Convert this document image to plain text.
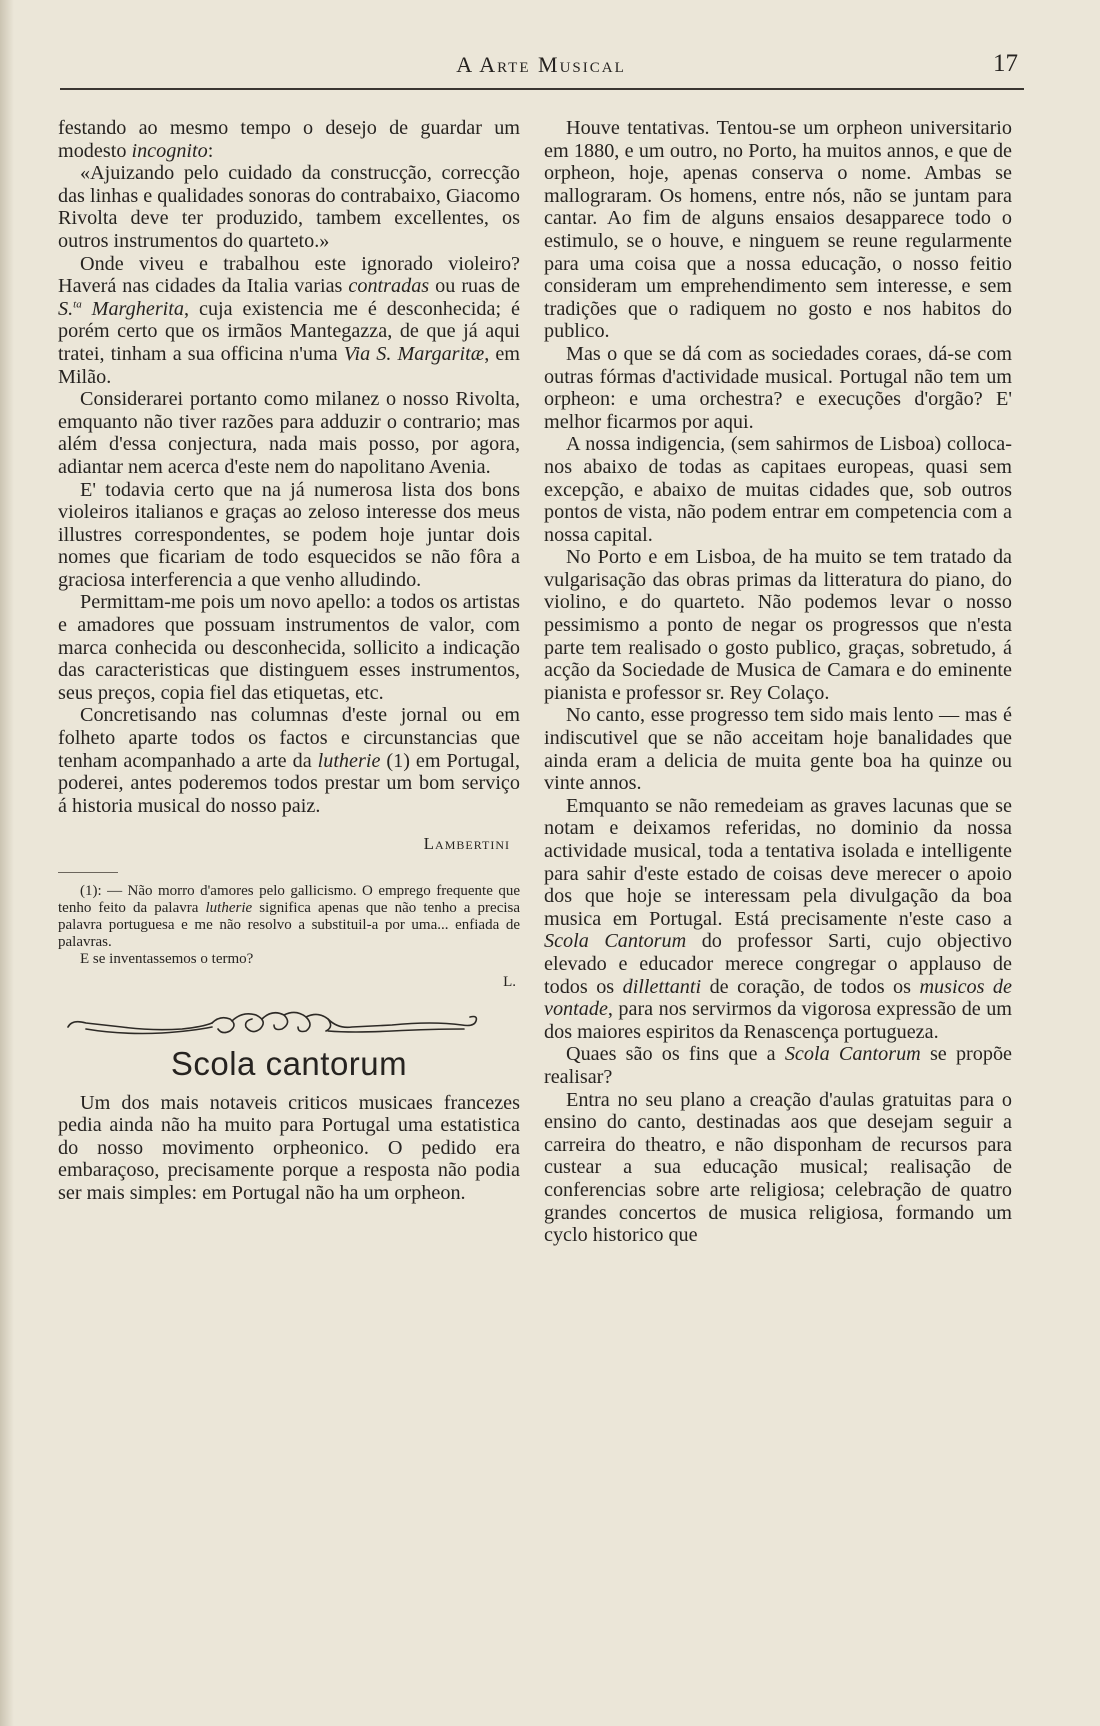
A Arte Musical	17

festando ao mesmo tempo o desejo de guardar um modesto incognito:

«Ajuizando pelo cuidado da construcção, correcção das linhas e qualidades sonoras do contrabaixo, Giacomo Rivolta deve ter produzido, tambem excellentes, os outros instrumentos do quarteto.»

Onde viveu e trabalhou este ignorado violeiro? Haverá nas cidades da Italia varias contradas ou ruas de S.$^{ta}$ Margherita, cuja existencia me é desconhecida; é porém certo que os irmãos Mantegazza, de que já aqui tratei, tinham a sua officina n'uma Via S. Margaritæ, em Milão.

Considerarei portanto como milanez o nosso Rivolta, emquanto não tiver razões para adduzir o contrario; mas além d'essa conjectura, nada mais posso, por agora, adiantar nem acerca d'este nem do napolitano Avenia.

E' todavia certo que na já numerosa lista dos bons violeiros italianos e graças ao zeloso interesse dos meus illustres correspondentes, se podem hoje juntar dois nomes que ficariam de todo esquecidos se não fôra a graciosa interferencia a que venho alludindo.

Permittam-me pois um novo apello: a todos os artistas e amadores que possuam instrumentos de valor, com marca conhecida ou desconhecida, sollicito a indicação das caracteristicas que distinguem esses instrumentos, seus preços, copia fiel das etiquetas, etc.

Concretisando nas columnas d'este jornal ou em folheto aparte todos os factos e circunstancias que tenham acompanhado a arte da lutherie (1) em Portugal, poderei, antes poderemos todos prestar um bom serviço á historia musical do nosso paiz.

Lambertini

(1): — Não morro d'amores pelo gallicismo. O emprego frequente que tenho feito da palavra lutherie significa apenas que não tenho a precisa palavra portuguesa e me não resolvo a substituil-a por uma... enfiada de palavras.

E se inventassemos o termo?

L.
Scola cantorum

Um dos mais notaveis criticos musicaes francezes pedia ainda não ha muito para Portugal uma estatistica do nosso movimento orpheonico. O pedido era embaraçoso, precisamente porque a resposta não podia ser mais simples: em Portugal não ha um orpheon.

Houve tentativas. Tentou-se um orpheon universitario em 1880, e um outro, no Porto, ha muitos annos, e que de orpheon, hoje, apenas conserva o nome. Ambas se mallograram. Os homens, entre nós, não se juntam para cantar. Ao fim de alguns ensaios desapparece todo o estimulo, se o houve, e ninguem se reune regularmente para uma coisa que a nossa educação, o nosso feitio consideram um emprehendimento sem interesse, e sem tradições que o radiquem no gosto e nos habitos do publico.

Mas o que se dá com as sociedades coraes, dá-se com outras fórmas d'actividade musical. Portugal não tem um orpheon: e uma orchestra? e execuções d'orgão? E' melhor ficarmos por aqui.

A nossa indigencia, (sem sahirmos de Lisboa) colloca-nos abaixo de todas as capitaes europeas, quasi sem excepção, e abaixo de muitas cidades que, sob outros pontos de vista, não podem entrar em competencia com a nossa capital.

No Porto e em Lisboa, de ha muito se tem tratado da vulgarisação das obras primas da litteratura do piano, do violino, e do quarteto. Não podemos levar o nosso pessimismo a ponto de negar os progressos que n'esta parte tem realisado o gosto publico, graças, sobretudo, á acção da Sociedade de Musica de Camara e do eminente pianista e professor sr. Rey Colaço.

No canto, esse progresso tem sido mais lento — mas é indiscutivel que se não acceitam hoje banalidades que ainda eram a delicia de muita gente boa ha quinze ou vinte annos.

Emquanto se não remedeiam as graves lacunas que se notam e deixamos referidas, no dominio da nossa actividade musical, toda a tentativa isolada e intelligente para sahir d'este estado de coisas deve merecer o apoio dos que hoje se interessam pela divulgação da boa musica em Portugal. Está precisamente n'este caso a Scola Cantorum do professor Sarti, cujo objectivo elevado e educador merece congregar o applauso de todos os dillettanti de coração, de todos os musicos de vontade, para nos servirmos da vigorosa expressão de um dos maiores espiritos da Renascença portugueza.

Quaes são os fins que a Scola Cantorum se propõe realisar?

Entra no seu plano a creação d'aulas gratuitas para o ensino do canto, destinadas aos que desejam seguir a carreira do theatro, e não disponham de recursos para custear a sua educação musical; realisação de conferencias sobre arte religiosa; celebração de quatro grandes concertos de musica religiosa, formando um cyclo historico que
